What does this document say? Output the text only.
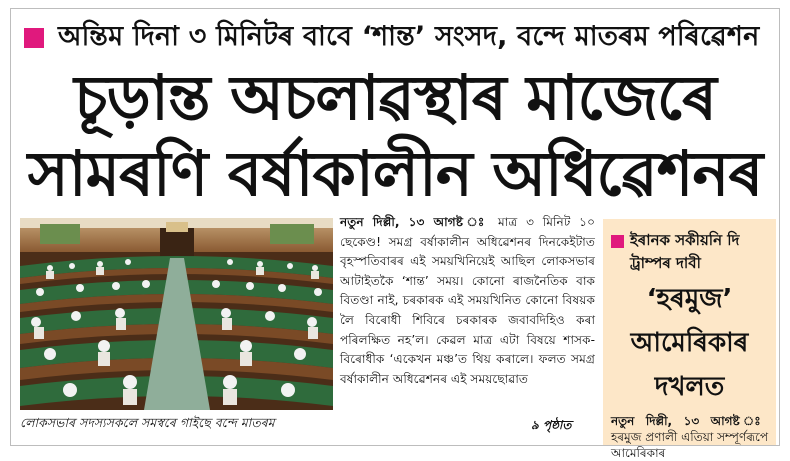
অন্তিম দিনা ৩ মিনিটৰ বাবে ‘শান্ত’ সংসদ, বন্দে মাতৰম পৰিৱেশন
চূড়ান্ত অচলাৱস্থাৰ মাজেৰে
সামৰণি বৰ্ষাকালীন অধিৱেশনৰ
লোকসভাৰ সদস্যসকলে সমস্বৰে গাইছে বন্দে মাতৰম

নতুন দিল্লী, ১৩ আগষ্ট ঃ মাত্ৰ ৩ মিনিট ১০ ছেকেণ্ড! সমগ্ৰ বৰ্ষাকালীন অধিৱেশনৰ দিনকেইটাত বৃহস্পতিবাৰৰ এই সময়খিনিয়েই আছিল লোকসভাৰ আটাইতকৈ ‘শান্ত’ সময়। কোনো ৰাজনৈতিক বাক বিতণ্ডা নাই, চৰকাৰক এই সময়খিনিত কোনো বিষয়ক লৈ বিৰোধী শিবিৰে চৰকাৰক জবাবদিহিও কৰা পৰিলক্ষিত নহ’ল। কেৱল মাত্ৰ এটা বিষয়ে শাসক-বিৰোধীক ‘একেখন মঞ্চ’ত থিয় কৰালে। ফলত সমগ্ৰ বৰ্ষাকালীন অধিৱেশনৰ এই সময়ছোৱাত

৯ পৃষ্ঠাত
ইৰানক সকীয়নি দি ট্ৰাম্পৰ দাবী
‘হৰমুজ’
আমেৰিকাৰ
দখলত
নতুন দিল্লী, ১৩ আগষ্ট ঃ হৰমুজ প্ৰণালী এতিয়া সম্পূৰ্ণৰূপে আমেৰিকাৰ
